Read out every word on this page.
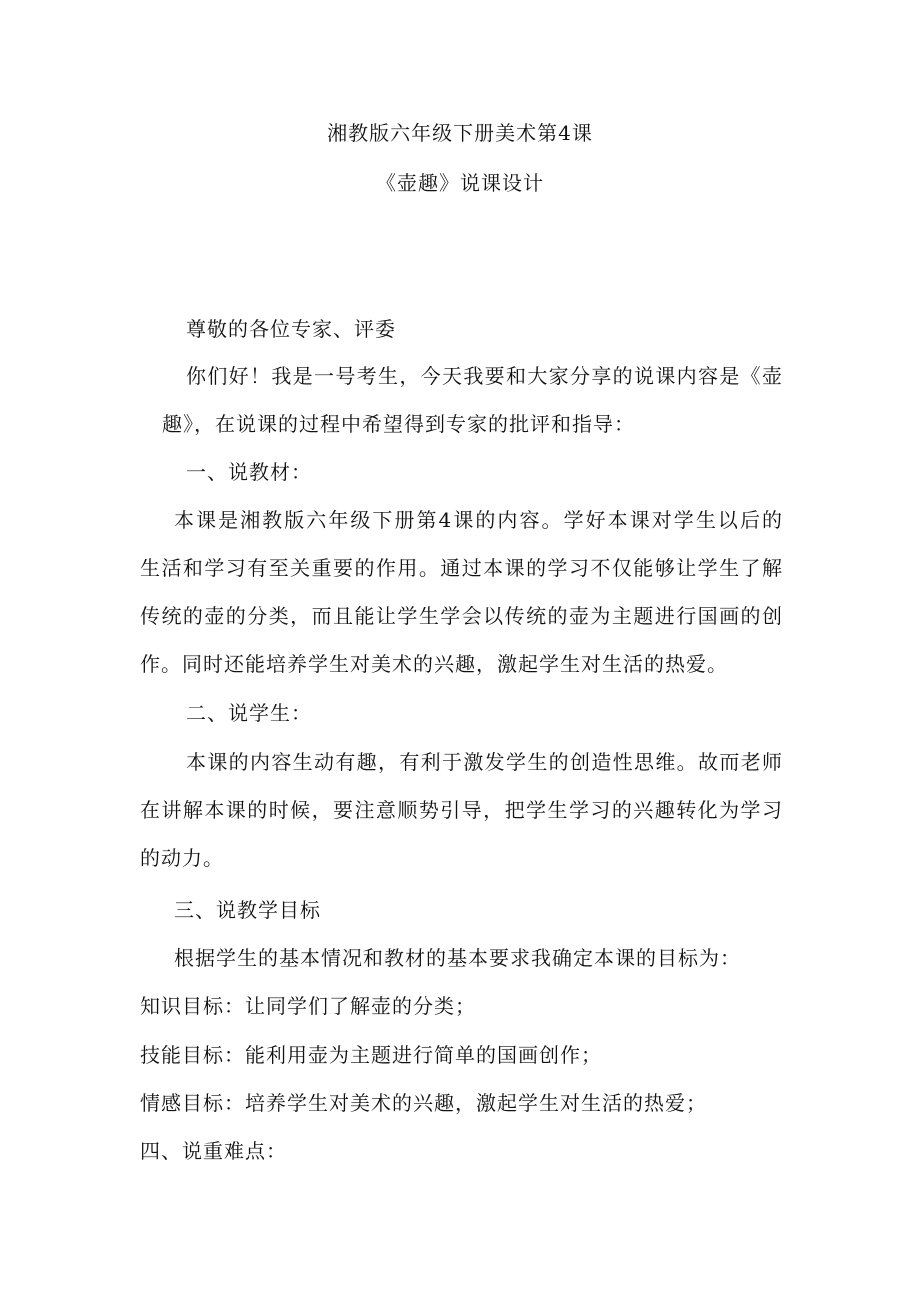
湘教版六年级下册美术第4课
《壶趣》说课设计
尊敬的各位专家、评委
你们好！我是一号考生，今天我要和大家分享的说课内容是《壶
趣》，在说课的过程中希望得到专家的批评和指导：
一、说教材：
本课是湘教版六年级下册第4课的内容。学好本课对学生以后的
生活和学习有至关重要的作用。通过本课的学习不仅能够让学生了解
传统的壶的分类，而且能让学生学会以传统的壶为主题进行国画的创
作。同时还能培养学生对美术的兴趣，激起学生对生活的热爱。
二、说学生：
本课的内容生动有趣，有利于激发学生的创造性思维。故而老师
在讲解本课的时候，要注意顺势引导，把学生学习的兴趣转化为学习
的动力。
三、说教学目标
根据学生的基本情况和教材的基本要求我确定本课的目标为：
知识目标：让同学们了解壶的分类；
技能目标：能利用壶为主题进行简单的国画创作；
情感目标：培养学生对美术的兴趣，激起学生对生活的热爱；
四、说重难点：
